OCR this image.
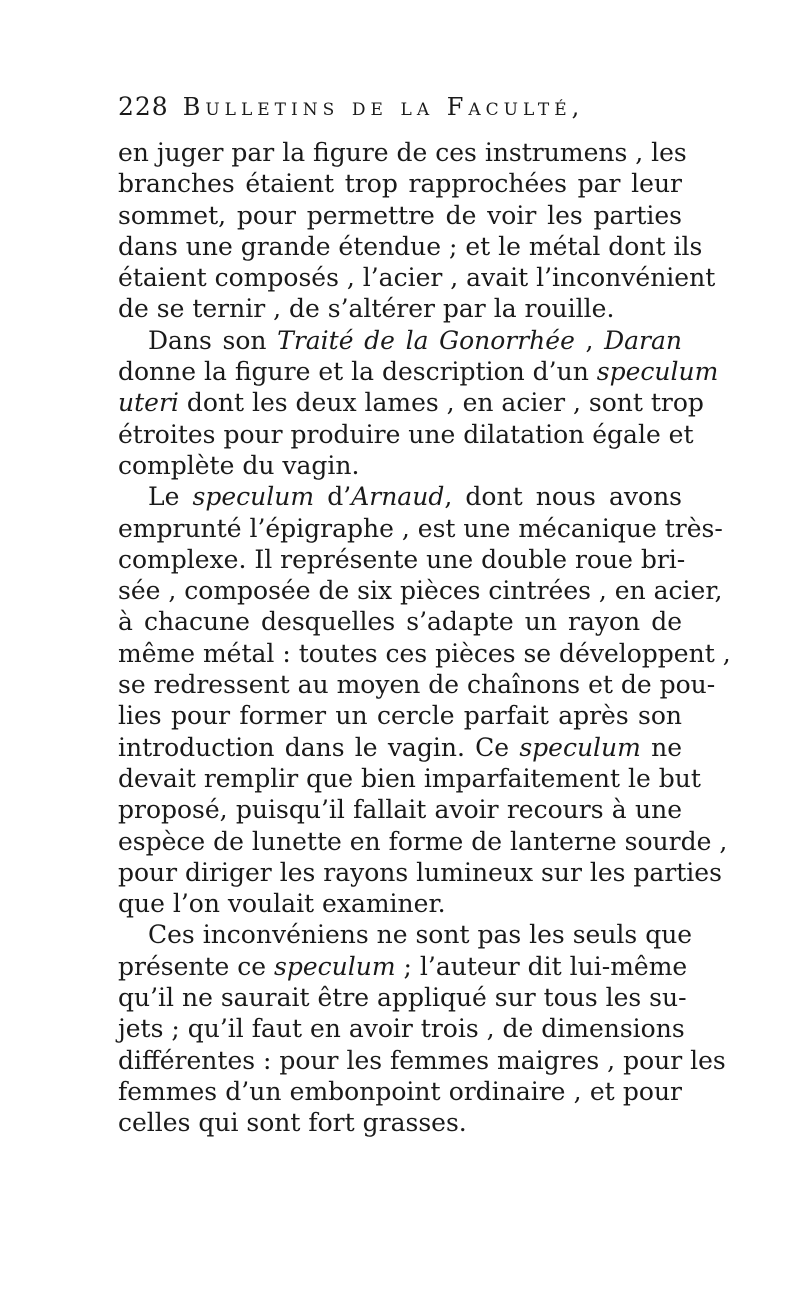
228 Bulletins de la Faculté,
en juger par la figure de ces instrumens , les
branches étaient trop rapprochées par leur
sommet, pour permettre de voir les parties
dans une grande étendue ; et le métal dont ils
étaient composés , l’acier , avait l’inconvénient
de se ternir , de s’altérer par la rouille.
Dans son Traité de la Gonorrhée , Daran
donne la figure et la description d’un speculum
uteri dont les deux lames , en acier , sont trop
étroites pour produire une dilatation égale et
complète du vagin.
Le speculum d’Arnaud, dont nous avons
emprunté l’épigraphe , est une mécanique très-
complexe. Il représente une double roue bri-
sée , composée de six pièces cintrées , en acier,
à chacune desquelles s’adapte un rayon de
même métal : toutes ces pièces se développent ,
se redressent au moyen de chaînons et de pou-
lies pour former un cercle parfait après son
introduction dans le vagin. Ce speculum ne
devait remplir que bien imparfaitement le but
proposé, puisqu’il fallait avoir recours à une
espèce de lunette en forme de lanterne sourde ,
pour diriger les rayons lumineux sur les parties
que l’on voulait examiner.
Ces inconvéniens ne sont pas les seuls que
présente ce speculum ; l’auteur dit lui-même
qu’il ne saurait être appliqué sur tous les su-
jets ; qu’il faut en avoir trois , de dimensions
différentes : pour les femmes maigres , pour les
femmes d’un embonpoint ordinaire , et pour
celles qui sont fort grasses.
